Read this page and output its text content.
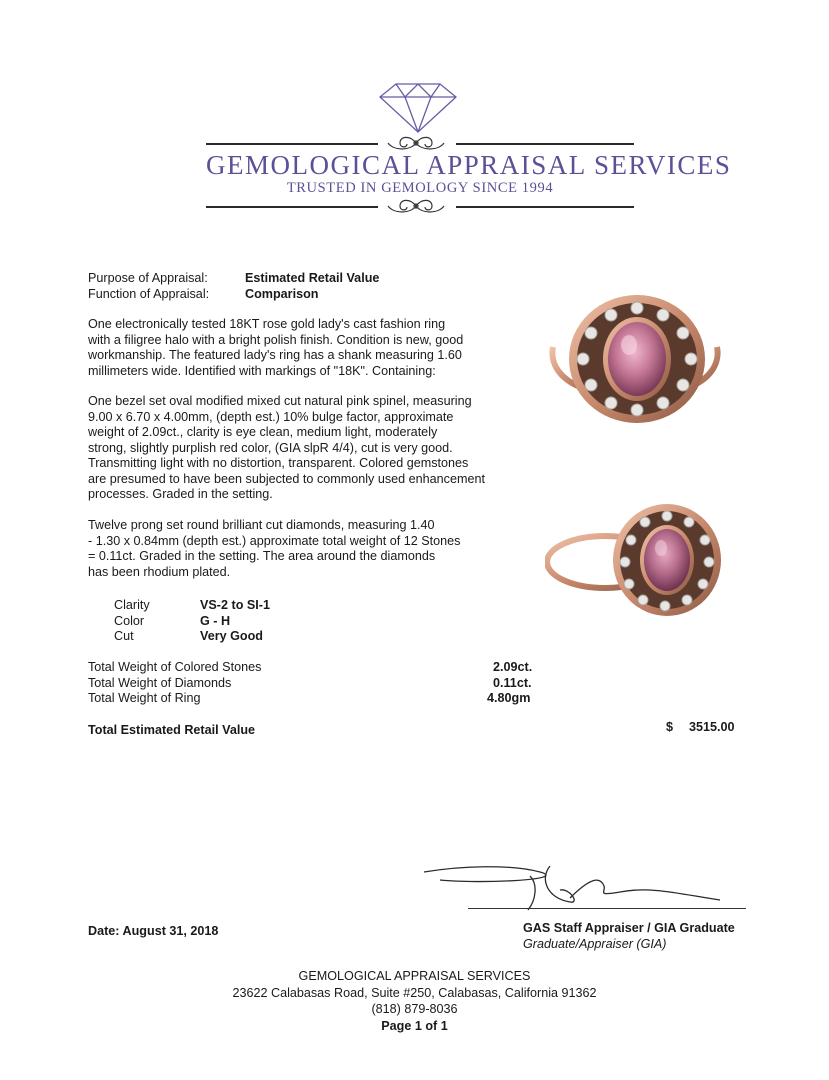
GEMOLOGICAL APPRAISAL SERVICES
TRUSTED IN GEMOLOGY SINCE 1994
Purpose of Appraisal:	Estimated Retail Value
Function of Appraisal:	Comparison
One electronically tested 18KT rose gold lady's cast fashion ring
with a filigree halo with a bright polish finish. Condition is new, good
workmanship. The featured lady's ring has a shank measuring 1.60
millimeters wide. Identified with markings of "18K". Containing:
One bezel set oval modified mixed cut natural pink spinel, measuring
9.00 x 6.70 x 4.00mm, (depth est.) 10% bulge factor, approximate
weight of 2.09ct., clarity is eye clean, medium light, moderately
strong, slightly purplish red color, (GIA slpR 4/4), cut is very good.
Transmitting light with no distortion, transparent. Colored gemstones
are presumed to have been subjected to commonly used enhancement
processes. Graded in the setting.
Twelve prong set round brilliant cut diamonds, measuring 1.40
- 1.30 x 0.84mm (depth est.) approximate total weight of 12 Stones
= 0.11ct. Graded in the setting. The area around the diamonds
has been rhodium plated.
Clarity	VS-2 to SI-1
Color	G - H
Cut	Very Good
Total Weight of Colored Stones	2.09ct.
Total Weight of Diamonds	0.11ct.
Total Weight of Ring	4.80gm
Total Estimated Retail Value	$ 3515.00
Date: August 31, 2018	GAS Staff Appraiser / GIA Graduate
Graduate/Appraiser (GIA)
GEMOLOGICAL APPRAISAL SERVICES
23622 Calabasas Road, Suite #250, Calabasas, California 91362
(818) 879-8036
Page 1 of 1
